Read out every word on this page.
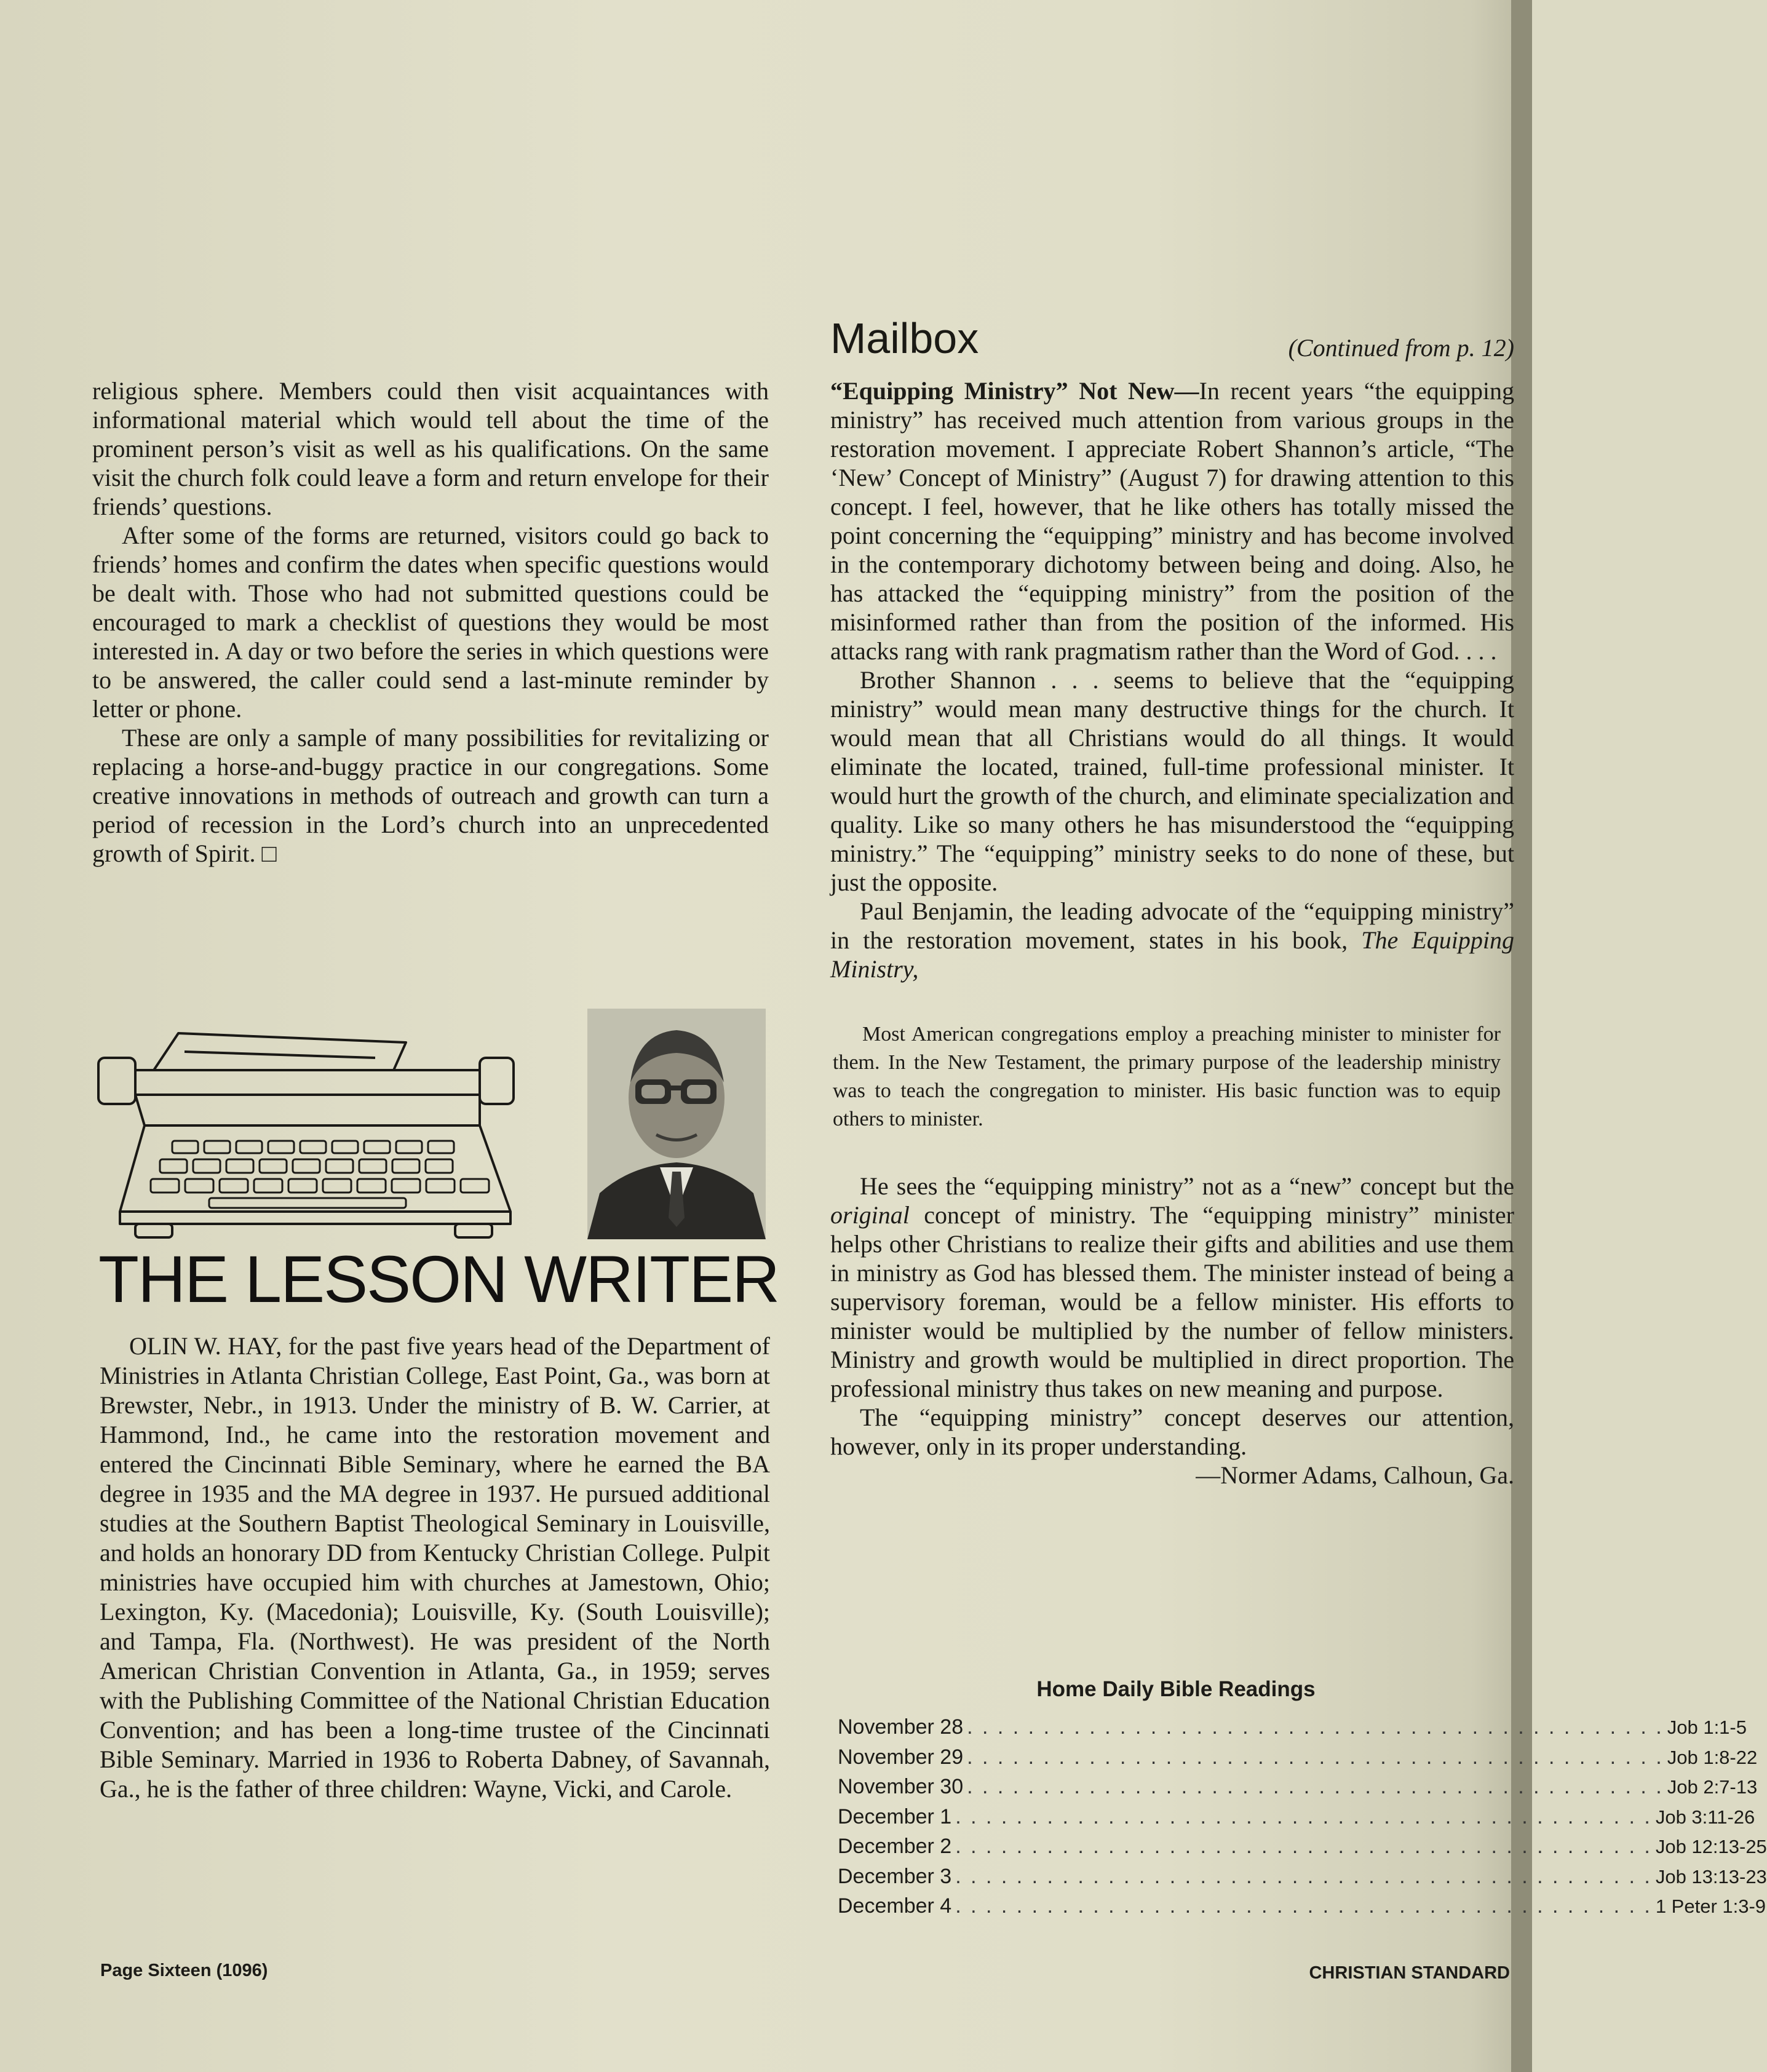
religious sphere. Members could then visit acquaintances with informational material which would tell about the time of the prominent person’s visit as well as his qualifications. On the same visit the church folk could leave a form and return envelope for their friends’ questions.

After some of the forms are returned, visitors could go back to friends’ homes and confirm the dates when specific questions would be dealt with. Those who had not submitted questions could be encouraged to mark a checklist of questions they would be most interested in. A day or two before the series in which questions were to be answered, the caller could send a last-minute reminder by letter or phone.

These are only a sample of many possibilities for revitalizing or replacing a horse-and-buggy practice in our congregations. Some creative innovations in methods of outreach and growth can turn a period of recession in the Lord’s church into an unprecedented growth of Spirit. □

THE LESSON WRITER

OLIN W. HAY, for the past five years head of the Department of Ministries in Atlanta Christian College, East Point, Ga., was born at Brewster, Nebr., in 1913. Under the ministry of B. W. Carrier, at Hammond, Ind., he came into the restoration movement and entered the Cincinnati Bible Seminary, where he earned the BA degree in 1935 and the MA degree in 1937. He pursued additional studies at the Southern Baptist Theological Seminary in Louisville, and holds an honorary DD from Kentucky Christian College. Pulpit ministries have occupied him with churches at Jamestown, Ohio; Lexington, Ky. (Macedonia); Louisville, Ky. (South Louisville); and Tampa, Fla. (Northwest). He was president of the North American Christian Convention in Atlanta, Ga., in 1959; serves with the Publishing Committee of the National Christian Education Convention; and has been a long-time trustee of the Cincinnati Bible Seminary. Married in 1936 to Roberta Dabney, of Savannah, Ga., he is the father of three children: Wayne, Vicki, and Carole.

Mailbox	(Continued from p. 12)

“Equipping Ministry” Not New—In recent years “the equipping ministry” has received much attention from various groups in the restoration movement. I appreciate Robert Shannon’s article, “The ‘New’ Concept of Ministry” (August 7) for drawing attention to this concept. I feel, however, that he like others has totally missed the point concerning the “equipping” ministry and has become involved in the contemporary dichotomy between being and doing. Also, he has attacked the “equipping ministry” from the position of the misinformed rather than from the position of the informed. His attacks rang with rank pragmatism rather than the Word of God. . . .

Brother Shannon . . . seems to believe that the “equipping ministry” would mean many destructive things for the church. It would mean that all Christians would do all things. It would eliminate the located, trained, full-time professional minister. It would hurt the growth of the church, and eliminate specialization and quality. Like so many others he has misunderstood the “equipping ministry.” The “equipping” ministry seeks to do none of these, but just the opposite.

Paul Benjamin, the leading advocate of the “equipping ministry” in the restoration movement, states in his book, The Equipping Ministry,

Most American congregations employ a preaching minister to minister for them. In the New Testament, the primary purpose of the leadership ministry was to teach the congregation to minister. His basic function was to equip others to minister.

He sees the “equipping ministry” not as a “new” concept but the original concept of ministry. The “equipping ministry” minister helps other Christians to realize their gifts and abilities and use them in ministry as God has blessed them. The minister instead of being a supervisory foreman, would be a fellow minister. His efforts to minister would be multiplied by the number of fellow ministers. Ministry and growth would be multiplied in direct proportion. The professional ministry thus takes on new meaning and purpose.

The “equipping ministry” concept deserves our attention, however, only in its proper understanding.

—Normer Adams, Calhoun, Ga.

Home Daily Bible Readings
November 28 . . . . . . . . . . . . . . . . . . . . . . . . . . . . . . . . . . . . . . . . . . . . . . Job 1:1-5
November 29 . . . . . . . . . . . . . . . . . . . . . . . . . . . . . . . . . . . . . . . . . . . . . . Job 1:8-22
November 30 . . . . . . . . . . . . . . . . . . . . . . . . . . . . . . . . . . . . . . . . . . . . . . Job 2:7-13
December 1 . . . . . . . . . . . . . . . . . . . . . . . . . . . . . . . . . . . . . . . . . . . . . . Job 3:11-26
December 2 . . . . . . . . . . . . . . . . . . . . . . . . . . . . . . . . . . . . . . . . . . . . . . Job 12:13-25
December 3 . . . . . . . . . . . . . . . . . . . . . . . . . . . . . . . . . . . . . . . . . . . . . . Job 13:13-23
December 4 . . . . . . . . . . . . . . . . . . . . . . . . . . . . . . . . . . . . . . . . . . . . . . 1 Peter 1:3-9
Page Sixteen (1096)	CHRISTIAN STANDARD
